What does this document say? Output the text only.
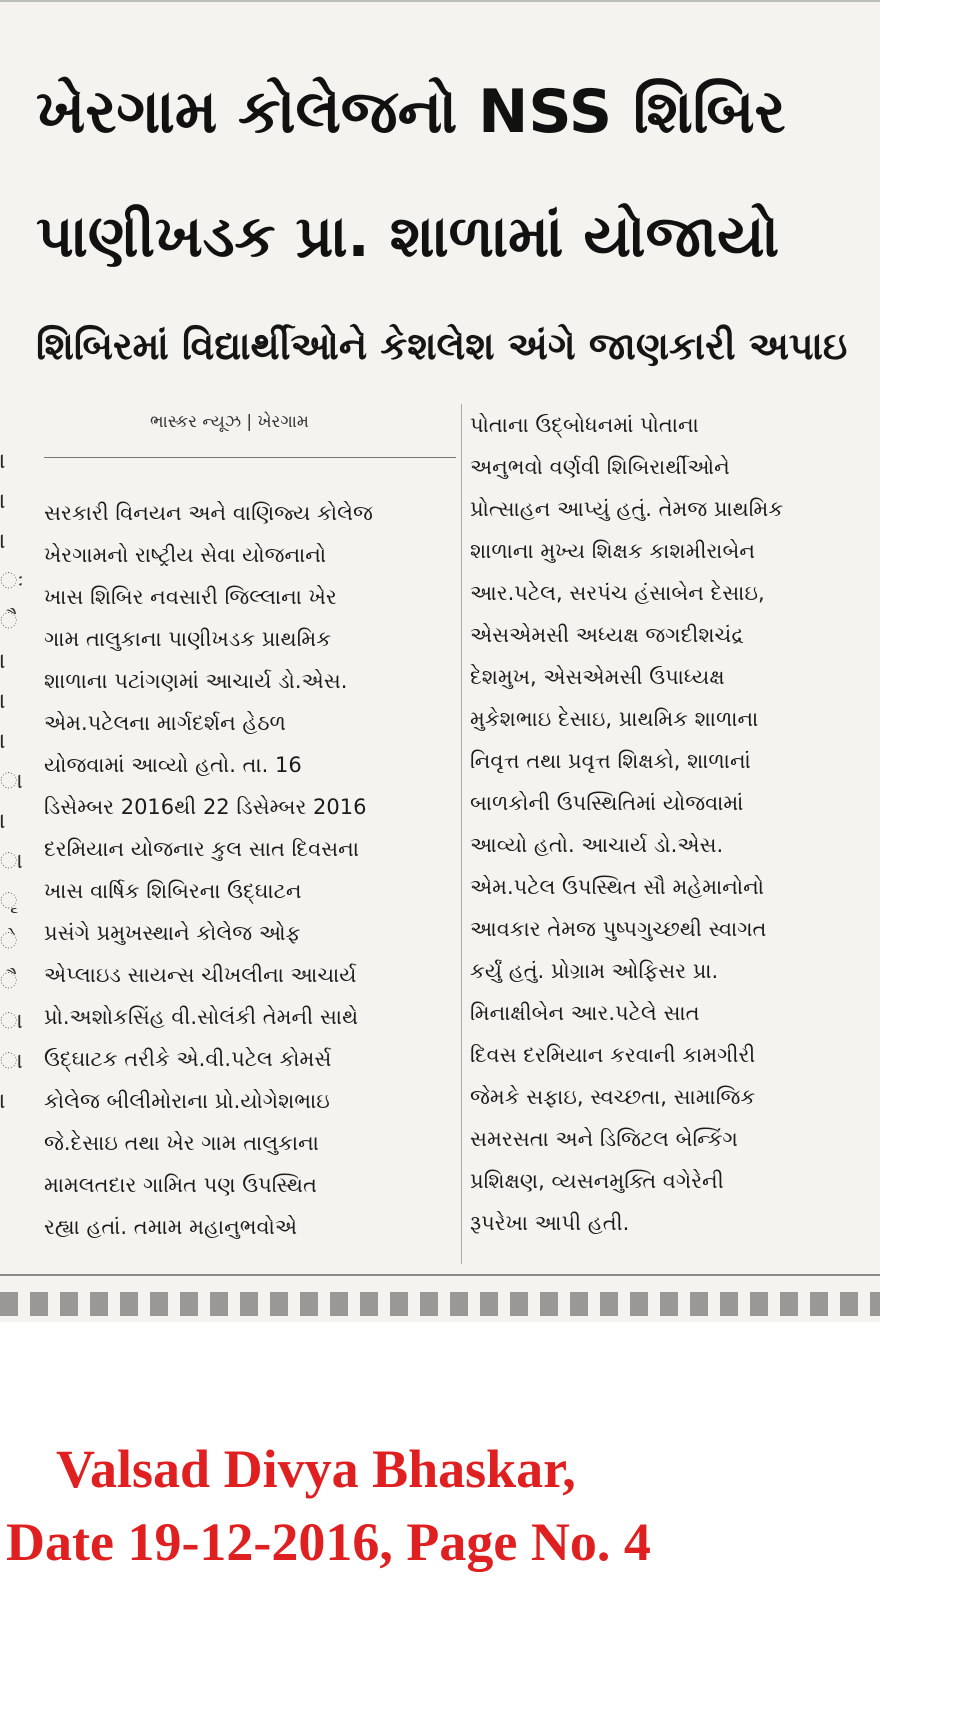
। । । ઃ ૈ । । । ા । ા ૃ ે ૈ ા ા ।
ખેરગામ કોલેજનો NSS શિબિર
પાણીખડક પ્રા. શાળામાં યોજાયો
શિબિરમાં વિદ્યાર્થીઓને કેશલેશ અંગે જાણકારી અપાઇ
ભાસ્કર ન્યૂઝ | ખેરગામ
સરકારી વિનયન અને વાણિજ્ય કોલેજ
ખેરગામનો રાષ્ટ્રીય સેવા યોજનાનો
ખાસ શિબિર નવસારી જિલ્લાના ખેર
ગામ તાલુકાના પાણીખડક પ્રાથમિક
શાળાના પટાંગણમાં આચાર્ય ડો.એસ.
એમ.પટેલના માર્ગદર્શન હેઠળ
યોજવામાં આવ્યો હતો. તા. 16
ડિસેમ્બર 2016થી 22 ડિસેમ્બર 2016
દરમિયાન યોજનાર કુલ સાત દિવસના
ખાસ વાર્ષિક શિબિરના ઉદ્ઘાટન
પ્રસંગે પ્રમુખસ્થાને કોલેજ ઓફ
એપ્લાઇડ સાયન્સ ચીખલીના આચાર્ય
પ્રો.અશોકસિંહ વી.સોલંકી તેમની સાથે
ઉદ્ઘાટક તરીકે એ.વી.પટેલ કોમર્સ
કોલેજ બીલીમોરાના પ્રો.યોગેશભાઇ
જે.દેસાઇ તથા ખેર ગામ તાલુકાના
મામલતદાર ગામિત પણ ઉપસ્થિત
રહ્યા હતાં. તમામ મહાનુભવોએ
પોતાના ઉદ્બોધનમાં પોતાના
અનુભવો વર્ણવી શિબિરાર્થીઓને
પ્રોત્સાહન આપ્યું હતું. તેમજ પ્રાથમિક
શાળાના મુખ્ય શિક્ષક કાશમીરાબેન
આર.પટેલ, સરપંચ હંસાબેન દેસાઇ,
એસએમસી અધ્યક્ષ જગદીશચંદ્ર
દેશમુખ, એસએમસી ઉપાધ્યક્ષ
મુકેશભાઇ દેસાઇ, પ્રાથમિક શાળાના
નિવૃત્ત તથા પ્રવૃત્ત શિક્ષકો, શાળાનાં
બાળકોની ઉપસ્થિતિમાં યોજવામાં
આવ્યો હતો. આચાર્ય ડો.એસ.
એમ.પટેલ ઉપસ્થિત સૌ મહેમાનોનો
આવકાર તેમજ પુષ્પગુચ્છથી સ્વાગત
કર્યું હતું. પ્રોગ્રામ ઓફિસર પ્રા.
મિનાક્ષીબેન આર.પટેલે સાત
દિવસ દરમિયાન કરવાની કામગીરી
જેમકે સફાઇ, સ્વચ્છતા, સામાજિક
સમરસતા અને ડિજિટલ બેન્કિંગ
પ્રશિક્ષણ, વ્યસનમુક્તિ વગેરેની
રૂપરેખા આપી હતી.
Valsad Divya Bhaskar,
Date 19-12-2016, Page No. 4
